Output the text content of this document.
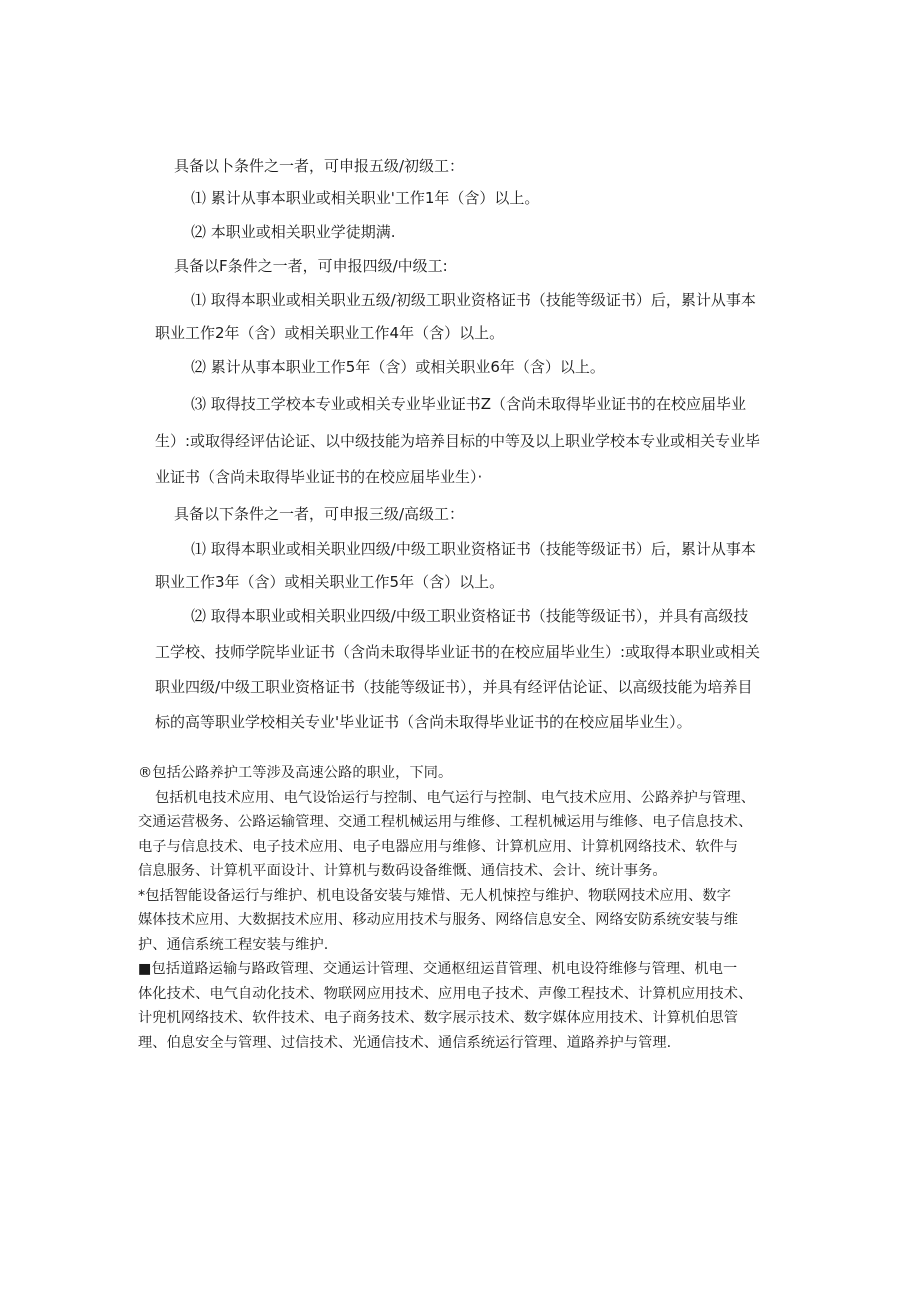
具备以卜条件之一者，可申报五级/初级工：
⑴ 累计从事本职业或相关职业'工作1年（含）以上。
⑵ 本职业或相关职业学徒期满.
具备以F条件之一者，可申报四级/中级工:
⑴ 取得本职业或相关职业五级/初级工职业资格证书（技能等级证书）后，累计从事本
职业工作2年（含）或相关职业工作4年（含）以上。
⑵ 累计从事本职业工作5年（含）或相关职业6年（含）以上。
⑶ 取得技工学校本专业或相关专业毕业证书Z（含尚未取得毕业证书的在校应届毕业
生）:或取得经评估论证、以中级技能为培养目标的中等及以上职业学校本专业或相关专业毕
业证书（含尚未取得毕业证书的在校应届毕业生）·
具备以下条件之一者，可申报三级/高级工：
⑴ 取得本职业或相关职业四级/中级工职业资格证书（技能等级证书）后，累计从事本
职业工作3年（含）或相关职业工作5年（含）以上。
⑵ 取得本职业或相关职业四级/中级工职业资格证书（技能等级证书），并具有高级技
工学校、技师学院毕业证书（含尚未取得毕业证书的在校应届毕业生）:或取得本职业或相关
职业四级/中级工职业资格证书（技能等级证书），并具有经评估论证、以高级技能为培养目
标的高等职业学校相关专业'毕业证书（含尚未取得毕业证书的在校应届毕业生）。
®包括公路养护工等涉及高速公路的职业，下同。
包括机电技术应用、电气设饴运行与控制、电气运行与控制、电气技术应用、公路养护与管理、
交通运营极务、公路运输管理、交通工程机械运用与维修、工程机械运用与维修、电子信息技术、
电子与信息技术、电子技术应用、电子电器应用与维修、计算机应用、计算机网络技术、软件与
信息服务、计算机平面设计、计算机与数码设备维慨、通信技术、会计、统计事务。
*包括智能设备运行与维护、机电设备安装与雉惜、无人机悚控与维护、物联网技术应用、数字
媒体技术应用、大数据技术应用、移动应用技术与服务、网络信息安全、网络安防系统安装与维
护、通信系统工程安装与维护.
■包括道路运输与路政管理、交通运计管理、交通枢纽运苜管理、机电设符维修与管理、机电一
体化技术、电气自动化技术、物联网应用技术、应用电子技术、声像工程技术、计算机应用技术、
计兜机网络技术、软件技术、电子商务技术、数字展示技术、数字媒体应用技术、计算机伯思管
理、伯息安全与管理、过信技术、光通信技术、通信系统运行管理、道路养护与管理.
